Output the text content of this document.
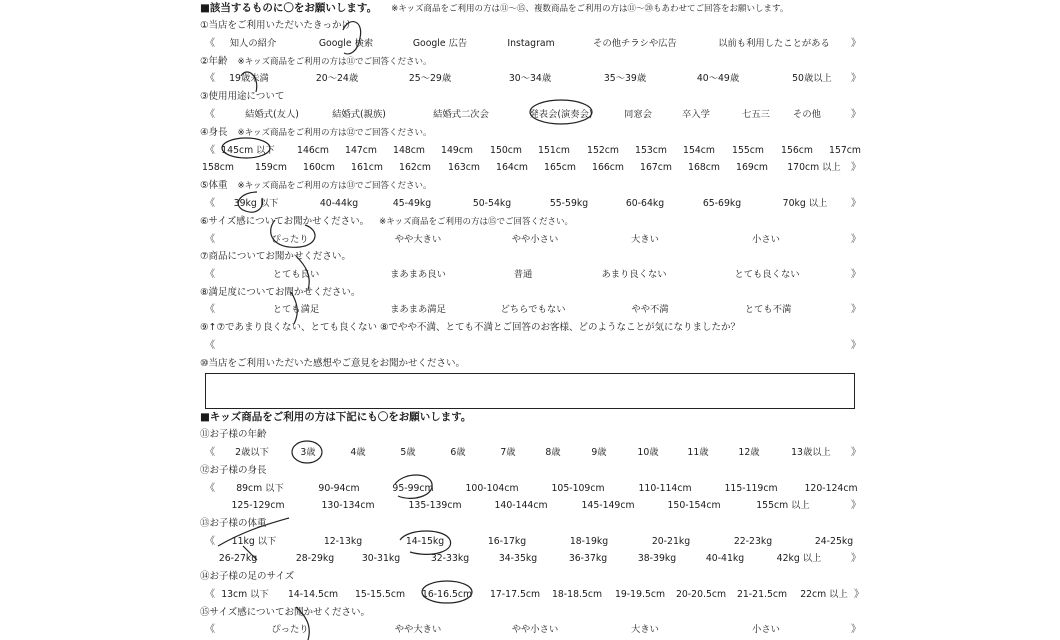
■該当するものに〇をお願いします。 ※キッズ商品をご利用の方は⑪～⑮、複数商品をご利用の方は⑪～⑳もあわせてご回答をお願いします。
①当店をご利用いただいたきっかけ
《 知人の紹介	Google 検索	Google 広告	Instagram	その他チラシや広告	以前も利用したことがある 》
②年齢 ※キッズ商品をご利用の方は⑪でご回答ください。
《 19歳未満	20～24歳	25～29歳	30～34歳	35～39歳	40～49歳	50歳以上 》
③使用用途について
《	結婚式(友人)	結婚式(親族)	結婚式二次会	発表会(演奏会)	同窓会	卒入学	七五三 その他	》
④身長 ※キッズ商品をご利用の方は⑫でご回答ください。
《 145cm 以下 146cm 147cm 148cm 149cm 150cm 151cm 152cm 153cm 154cm 155cm 156cm 157cm
158cm 159cm 160cm 161cm 162cm 163cm 164cm 165cm 166cm 167cm 168cm 169cm 170cm 以上 》
⑤体重 ※キッズ商品をご利用の方は⑬でご回答ください。
《 39kg 以下	40-44kg	45-49kg	50-54kg	55-59kg	60-64kg	65-69kg	70kg 以上 》
⑥サイズ感についてお聞かせください。 ※キッズ商品をご利用の方は⑮でご回答ください。
《	ぴったり	やや大きい	やや小さい	大きい	小さい	》
⑦商品についてお聞かせください。
《	とても良い	まあまあ良い	普通	あまり良くない	とても良くない	》
⑧満足度についてお聞かせください。
《	とても満足	まあまあ満足	どちらでもない	やや不満	とても不満	》
⑨↑⑦であまり良くない、とても良くない ⑧でやや不満、とても不満とご回答のお客様、どのようなことが気になりましたか？
《	》
⑩当店をご利用いただいた感想やご意見をお聞かせください。
■キッズ商品をご利用の方は下記にも〇をお願いします。
⑪お子様の年齢
《 2歳以下	3歳	4歳	5歳	6歳	7歳	8歳	9歳	10歳	11歳	12歳	13歳以上 》
⑫お子様の身長
《 89cm 以下	90-94cm	95-99cm	100-104cm	105-109cm	110-114cm	115-119cm	120-124cm
125-129cm	130-134cm	135-139cm	140-144cm	145-149cm	150-154cm	155cm 以上	》
⑬お子様の体重
《 11kg 以下	12-13kg	14-15kg	16-17kg	18-19kg	20-21kg	22-23kg	24-25kg
26-27kg	28-29kg	30-31kg	32-33kg	34-35kg	36-37kg	38-39kg	40-41kg	42kg 以上	》
⑭お子様の足のサイズ
《 13cm 以下 14-14.5cm 15-15.5cm 16-16.5cm 17-17.5cm 18-18.5cm 19-19.5cm 20-20.5cm 21-21.5cm 22cm 以上 》
⑮サイズ感についてお聞かせください。
《	ぴったり	やや大きい	やや小さい	大きい	小さい	》
